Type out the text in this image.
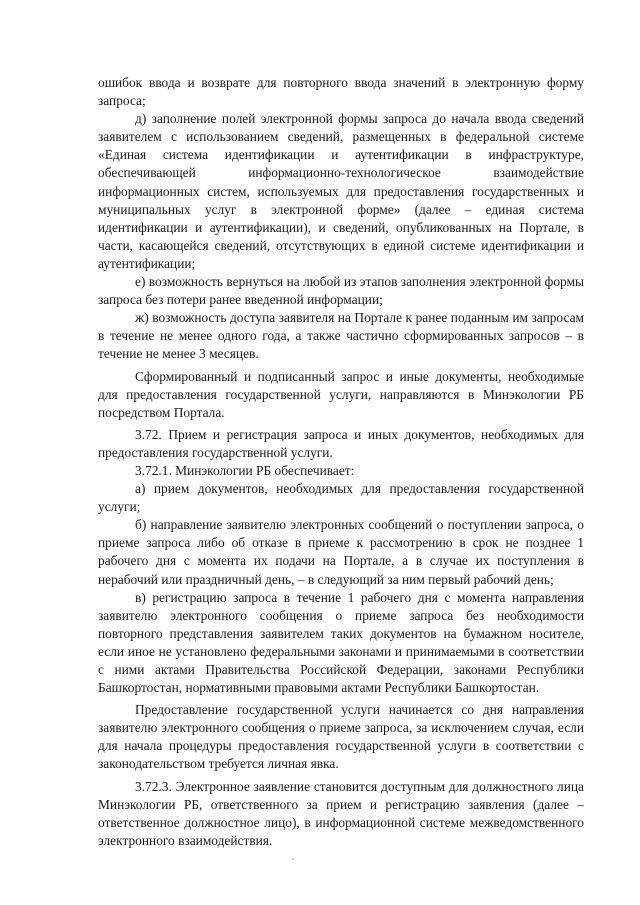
ошибок ввода и возврате для повторного ввода значений в электронную форму запроса;

д) заполнение полей электронной формы запроса до начала ввода сведений заявителем с использованием сведений, размещенных в федеральной системе «Единая система идентификации и аутентификации в инфраструктуре, обеспечивающей информационно-технологическое взаимодействие информационных систем, используемых для предоставления государственных и муниципальных услуг в электронной форме» (далее – единая система идентификации и аутентификации), и сведений, опубликованных на Портале, в части, касающейся сведений, отсутствующих в единой системе идентификации и аутентификации;

е) возможность вернуться на любой из этапов заполнения электронной формы запроса без потери ранее введенной информации;

ж) возможность доступа заявителя на Портале к ранее поданным им запросам в течение не менее одного года, а также частично сформированных запросов – в течение не менее 3 месяцев.

Сформированный и подписанный запрос и иные документы, необходимые для предоставления государственной услуги, направляются в Минэкологии РБ посредством Портала.

3.72. Прием и регистрация запроса и иных документов, необходимых для предоставления государственной услуги.

3.72.1. Минэкологии РБ обеспечивает:

а) прием документов, необходимых для предоставления государственной услуги;

б) направление заявителю электронных сообщений о поступлении запроса, о приеме запроса либо об отказе в приеме к рассмотрению в срок не позднее 1 рабочего дня с момента их подачи на Портале, а в случае их поступления в нерабочий или праздничный день, – в следующий за ним первый рабочий день;

в) регистрацию запроса в течение 1 рабочего дня с момента направления заявителю электронного сообщения о приеме запроса без необходимости повторного представления заявителем таких документов на бумажном носителе, если иное не установлено федеральными законами и принимаемыми в соответствии с ними актами Правительства Российской Федерации, законами Республики Башкортостан, нормативными правовыми актами Республики Башкортостан.

Предоставление государственной услуги начинается со дня направления заявителю электронного сообщения о приеме запроса, за исключением случая, если для начала процедуры предоставления государственной услуги в соответствии с законодательством требуется личная явка.

3.72.3. Электронное заявление становится доступным для должностного лица Минэкологии РБ, ответственного за прием и регистрацию заявления (далее – ответственное должностное лицо), в информационной системе межведомственного электронного взаимодействия.
